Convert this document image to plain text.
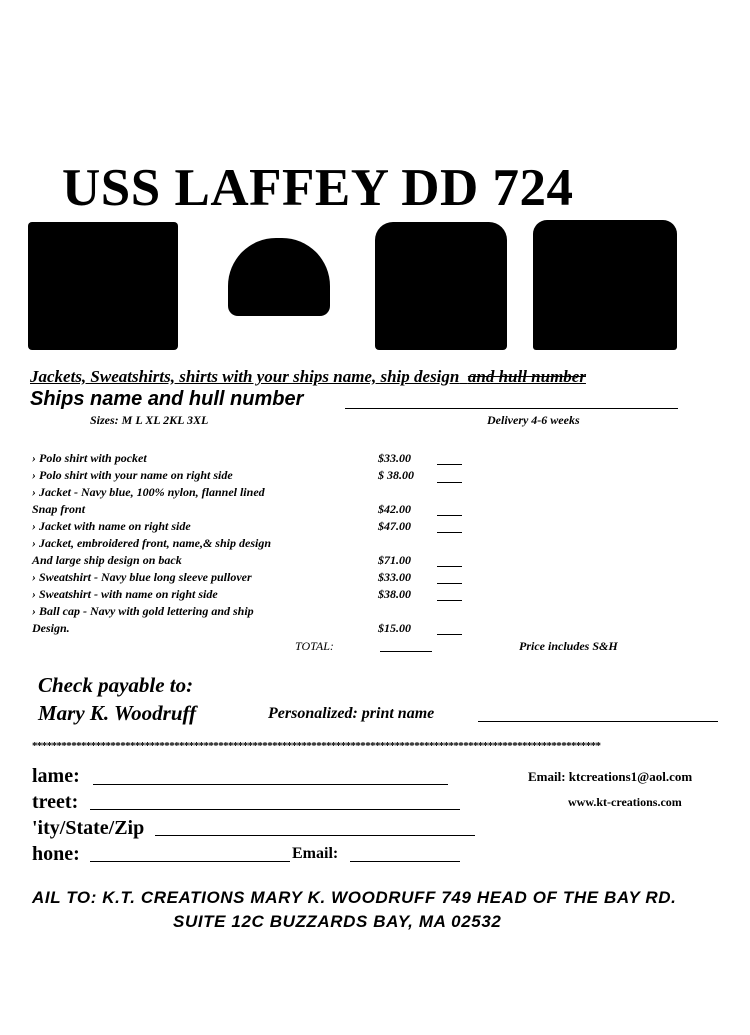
USS LAFFEY DD 724
Jackets, Sweatshirts, shirts with your ships name, ship design and hull number
Ships name and hull number
Sizes: M L XL 2KL 3XL	Delivery 4-6 weeks
› Polo shirt with pocket	$33.00
› Polo shirt with your name on right side	$ 38.00
› Jacket - Navy blue, 100% nylon, flannel lined
Snap front	$42.00
› Jacket with name on right side	$47.00
› Jacket, embroidered front, name,& ship design
And large ship design on back	$71.00
› Sweatshirt - Navy blue long sleeve pullover	$33.00
› Sweatshirt - with name on right side	$38.00
› Ball cap - Navy with gold lettering and ship
Design.	$15.00
TOTAL:	Price includes S&H
Check payable to:
Mary K. Woodruff	Personalized: print name
********************************************************************************************************************
lame:
treet:
'ity/State/Zip
hone:	Email:
Email: ktcreations1@aol.com
www.kt-creations.com
AIL TO: K.T. CREATIONS MARY K. WOODRUFF 749 HEAD OF THE BAY RD.
SUITE 12C BUZZARDS BAY, MA 02532
